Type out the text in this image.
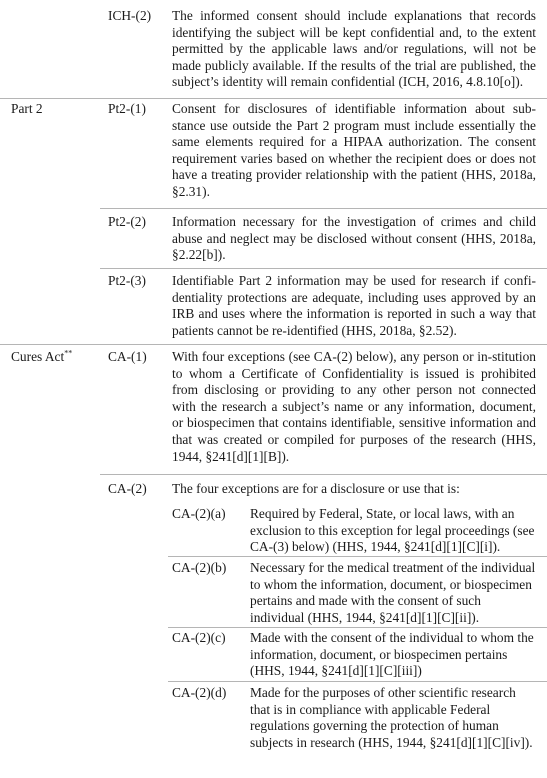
ICH-(2) The informed consent should include explanations that records identifying the subject will be kept confidential and, to the extent permitted by the applicable laws and/or regulations, will not be made publicly available. If the results of the trial are published, the subject’s identity will remain confidential (ICH, 2016, 4.8.10[o]).
Part 2	Pt2-(1) Consent for disclosures of identifiable information about sub-stance use outside the Part 2 program must include essentially the same elements required for a HIPAA authorization. The consent requirement varies based on whether the recipient does or does not have a treating provider relationship with the patient (HHS, 2018a, §2.31).
Pt2-(2) Information necessary for the investigation of crimes and child abuse and neglect may be disclosed without consent (HHS, 2018a, §2.22[b]).
Pt2-(3) Identifiable Part 2 information may be used for research if confi-dentiality protections are adequate, including uses approved by an IRB and uses where the information is reported in such a way that patients cannot be re-identified (HHS, 2018a, §2.52).
Cures Act**	CA-(1) With four exceptions (see CA-(2) below), any person or in-stitution to whom a Certificate of Confidentiality is issued is prohibited from disclosing or providing to any other person not connected with the research a subject’s name or any information, document, or biospecimen that contains identifiable, sensitive information and that was created or compiled for purposes of the research (HHS, 1944, §241[d][1][B]).
CA-(2) The four exceptions are for a disclosure or use that is:
CA-(2)(a) Required by Federal, State, or local laws, with an exclusion to this exception for legal proceedings (see CA-(3) below) (HHS, 1944, §241[d][1][C][i]).
CA-(2)(b) Necessary for the medical treatment of the individual to whom the information, document, or biospecimen pertains and made with the consent of such individual (HHS, 1944, §241[d][1][C][ii]).
CA-(2)(c) Made with the consent of the individual to whom the information, document, or biospecimen pertains (HHS, 1944, §241[d][1][C][iii])
CA-(2)(d) Made for the purposes of other scientific research that is in compliance with applicable Federal regulations governing the protection of human subjects in research (HHS, 1944, §241[d][1][C][iv]).
